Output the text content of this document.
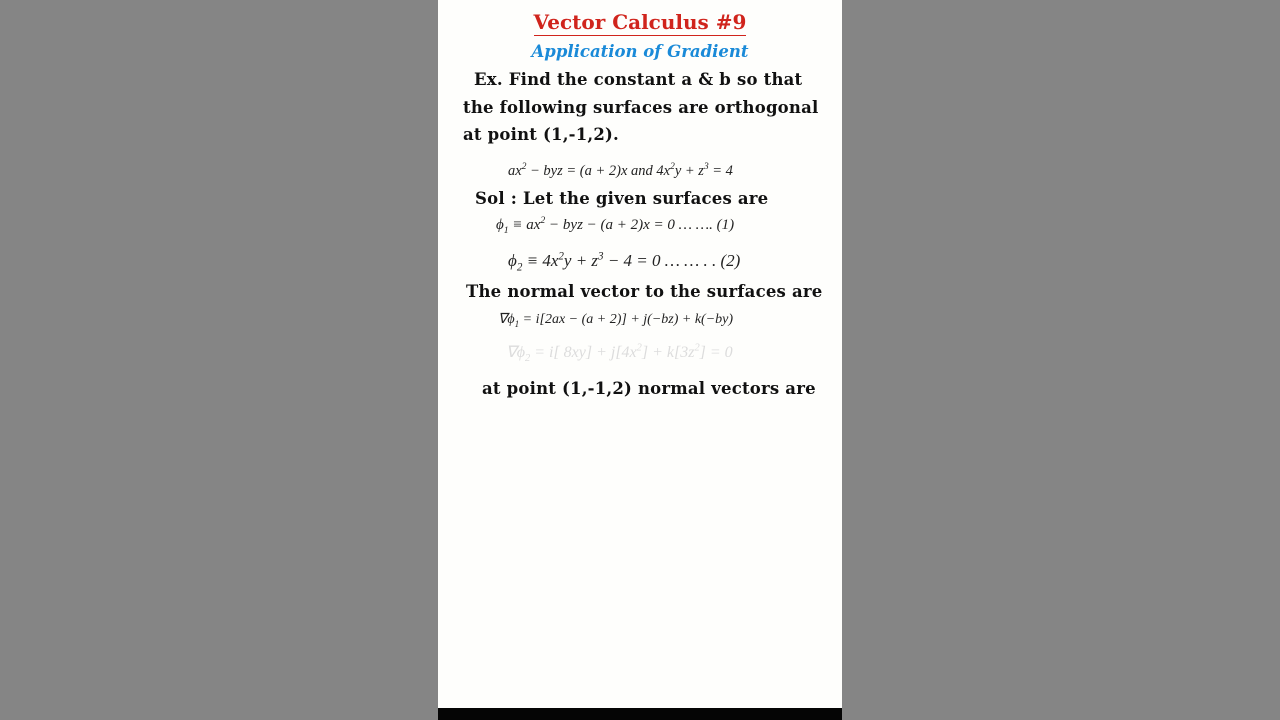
Vector Calculus #9
Application of Gradient
Ex. Find the constant a & b so that
the following surfaces are orthogonal
at point (1,-1,2).
$ax^2$ − byz = (a + 2)x and $4x^2y + z^3 = 4$
Sol : Let the given surfaces are
$\phi_1 \equiv ax^2$ − byz − (a + 2)x = 0 … …. (1)
$\phi_2 \equiv 4x^2y + z^3 - 4 = 0$ … … . . (2)
The normal vector to the surfaces are
$\nabla\phi_1 = i[2ax - (a + 2)] + j(-bz) + k(-by)$
$\nabla\phi_2 = i$[ $8xy] + j[4x^2] + k[3z^2] = 0$
at point (1,-1,2) normal vectors are
